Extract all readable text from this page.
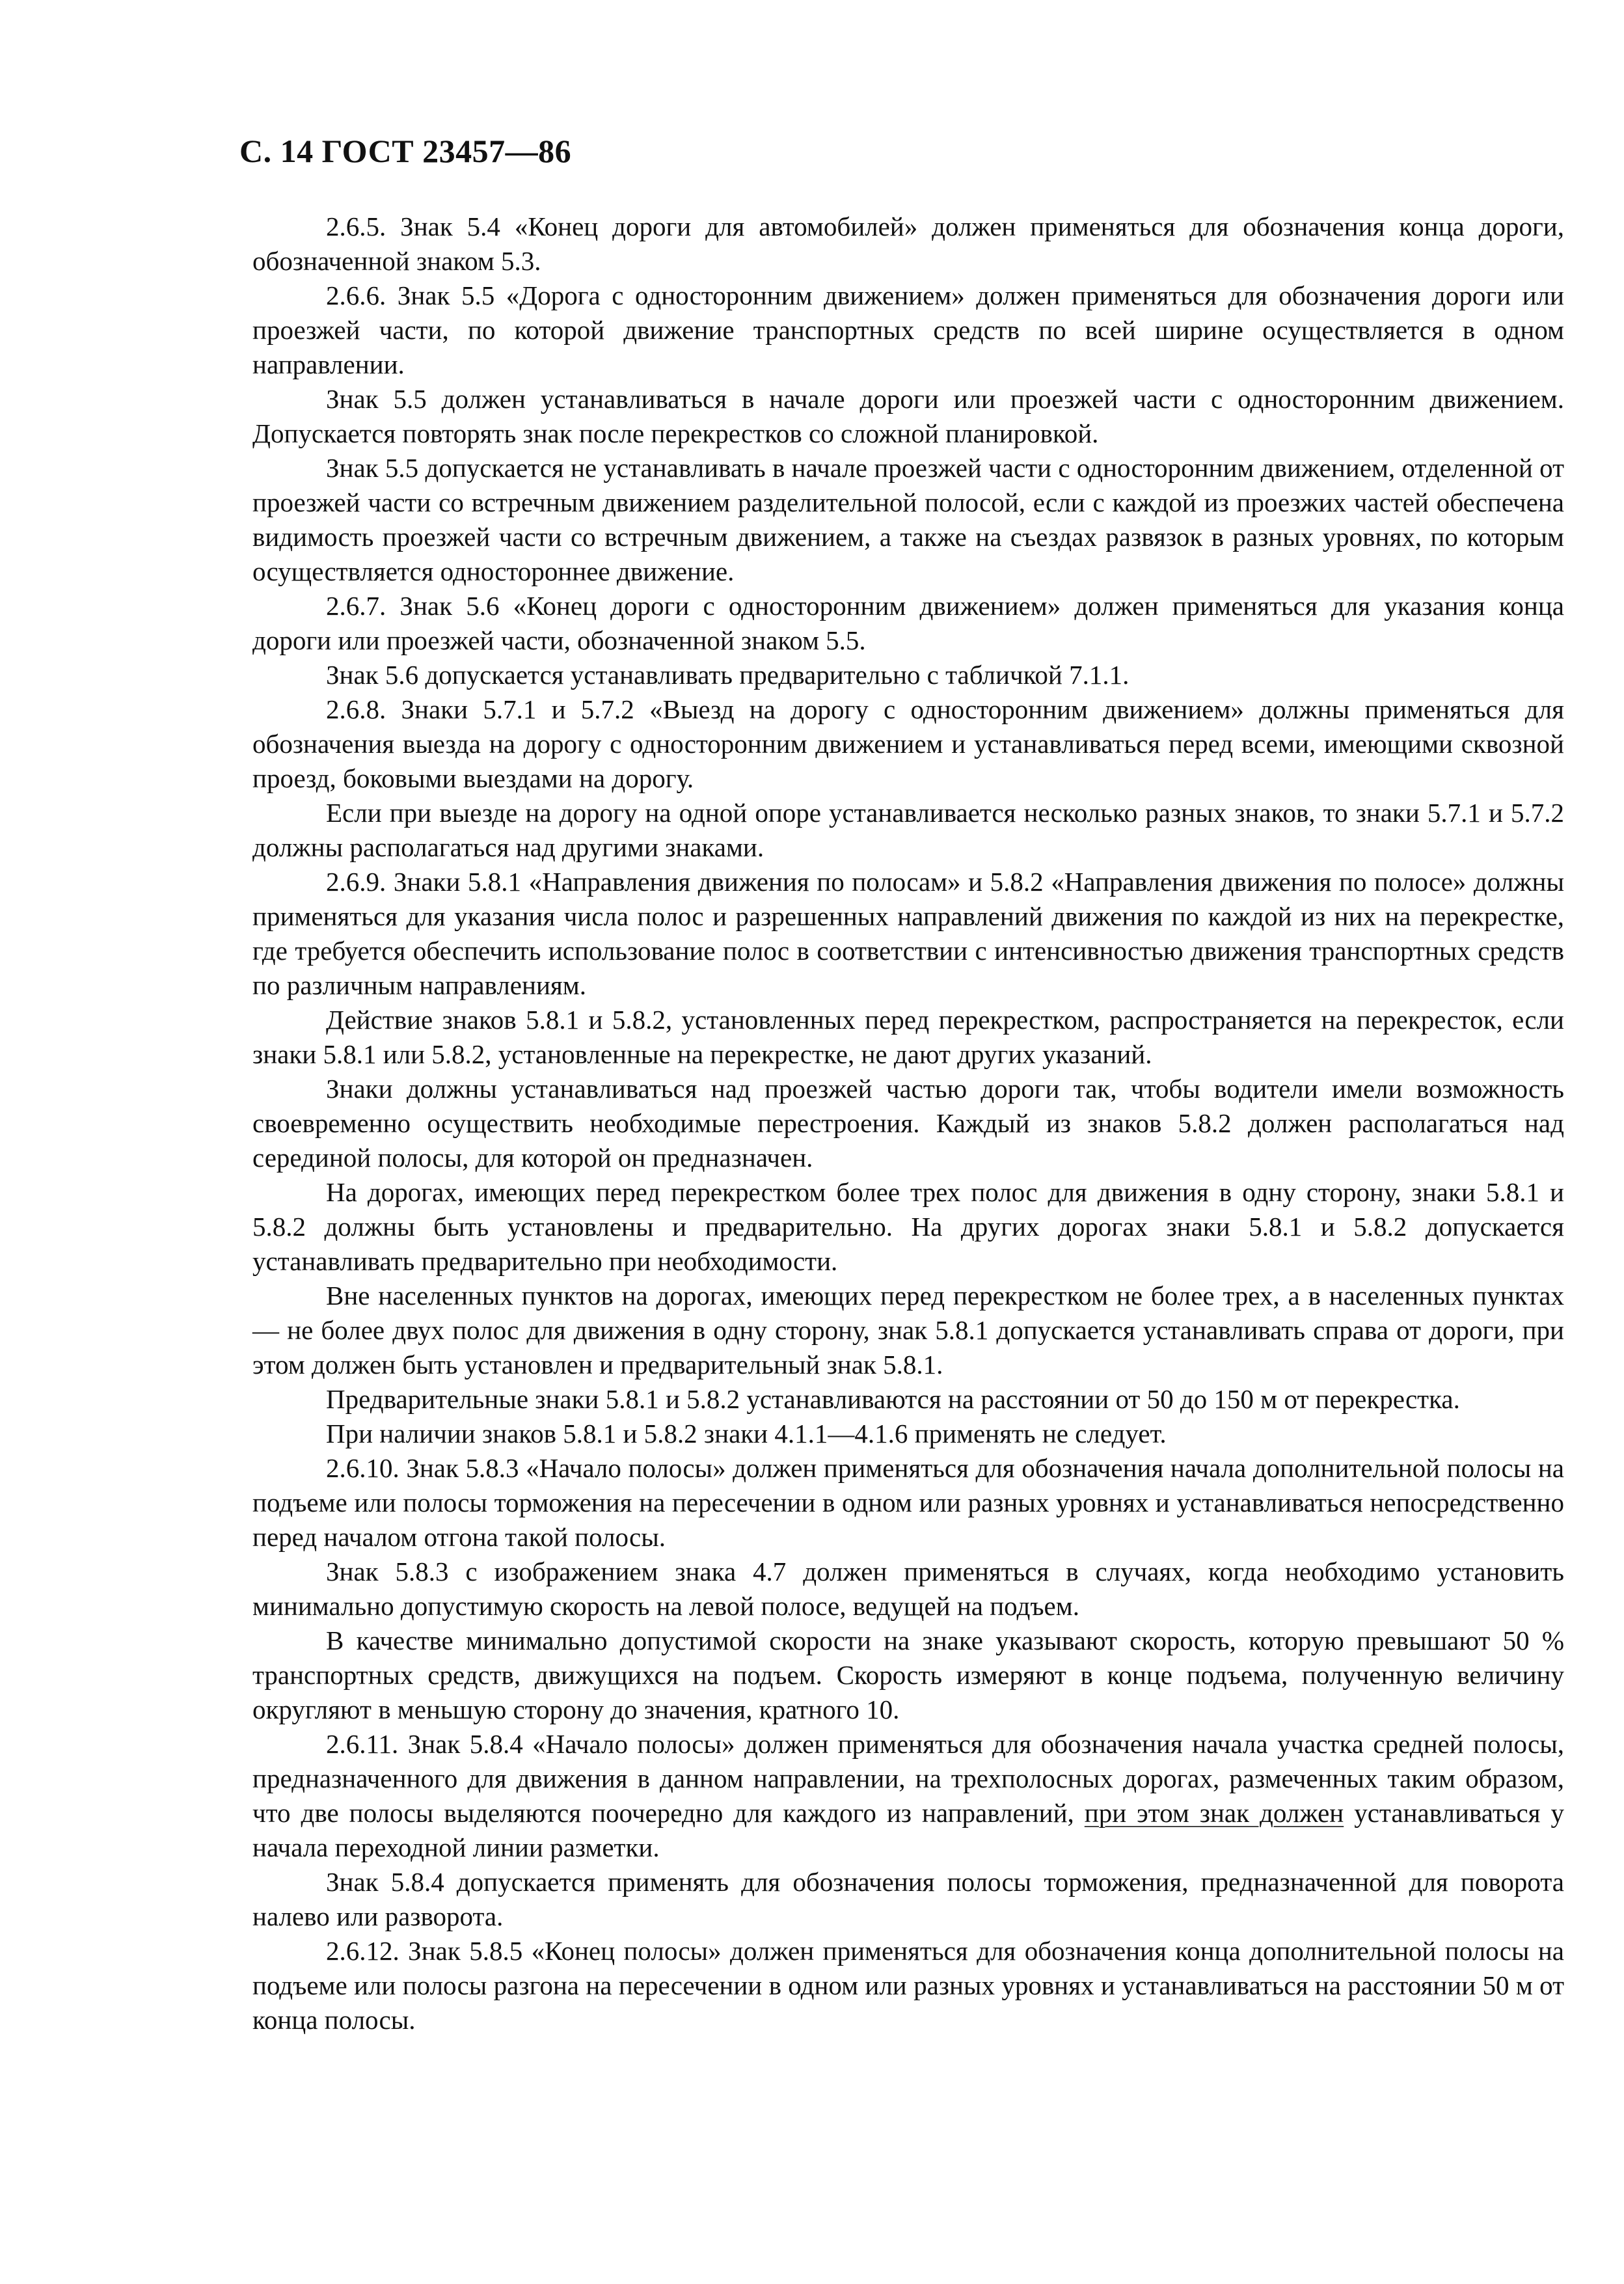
С. 14 ГОСТ 23457—86

2.6.5. Знак 5.4 «Конец дороги для автомобилей» должен применяться для обозначения конца дороги, обозначенной знаком 5.3.

2.6.6. Знак 5.5 «Дорога с односторонним движением» должен применяться для обозначения дороги или проезжей части, по которой движение транспортных средств по всей ширине осуществляется в одном направлении.

Знак 5.5 должен устанавливаться в начале дороги или проезжей части с односторонним движением. Допускается повторять знак после перекрестков со сложной планировкой.

Знак 5.5 допускается не устанавливать в начале проезжей части с односторонним движением, отделенной от проезжей части со встречным движением разделительной полосой, если с каждой из проезжих частей обеспечена видимость проезжей части со встречным движением, а также на съездах развязок в разных уровнях, по которым осуществляется одностороннее движение.

2.6.7. Знак 5.6 «Конец дороги с односторонним движением» должен применяться для указания конца дороги или проезжей части, обозначенной знаком 5.5.

Знак 5.6 допускается устанавливать предварительно с табличкой 7.1.1.

2.6.8. Знаки 5.7.1 и 5.7.2 «Выезд на дорогу с односторонним движением» должны применяться для обозначения выезда на дорогу с односторонним движением и устанавливаться перед всеми, имеющими сквозной проезд, боковыми выездами на дорогу.

Если при выезде на дорогу на одной опоре устанавливается несколько разных знаков, то знаки 5.7.1 и 5.7.2 должны располагаться над другими знаками.

2.6.9. Знаки 5.8.1 «Направления движения по полосам» и 5.8.2 «Направления движения по полосе» должны применяться для указания числа полос и разрешенных направлений движения по каждой из них на перекрестке, где требуется обеспечить использование полос в соответствии с интенсивностью движения транспортных средств по различным направлениям.

Действие знаков 5.8.1 и 5.8.2, установленных перед перекрестком, распространяется на перекресток, если знаки 5.8.1 или 5.8.2, установленные на перекрестке, не дают других указаний.

Знаки должны устанавливаться над проезжей частью дороги так, чтобы водители имели возможность своевременно осуществить необходимые перестроения. Каждый из знаков 5.8.2 должен располагаться над серединой полосы, для которой он предназначен.

На дорогах, имеющих перед перекрестком более трех полос для движения в одну сторону, знаки 5.8.1 и 5.8.2 должны быть установлены и предварительно. На других дорогах знаки 5.8.1 и 5.8.2 допускается устанавливать предварительно при необходимости.

Вне населенных пунктов на дорогах, имеющих перед перекрестком не более трех, а в населенных пунктах — не более двух полос для движения в одну сторону, знак 5.8.1 допускается устанавливать справа от дороги, при этом должен быть установлен и предварительный знак 5.8.1.

Предварительные знаки 5.8.1 и 5.8.2 устанавливаются на расстоянии от 50 до 150 м от перекрестка.

При наличии знаков 5.8.1 и 5.8.2 знаки 4.1.1—4.1.6 применять не следует.

2.6.10. Знак 5.8.3 «Начало полосы» должен применяться для обозначения начала дополнительной полосы на подъеме или полосы торможения на пересечении в одном или разных уровнях и устанавливаться непосредственно перед началом отгона такой полосы.

Знак 5.8.3 с изображением знака 4.7 должен применяться в случаях, когда необходимо установить минимально допустимую скорость на левой полосе, ведущей на подъем.

В качестве минимально допустимой скорости на знаке указывают скорость, которую превышают 50 % транспортных средств, движущихся на подъем. Скорость измеряют в конце подъема, полученную величину округляют в меньшую сторону до значения, кратного 10.

2.6.11. Знак 5.8.4 «Начало полосы» должен применяться для обозначения начала участка средней полосы, предназначенного для движения в данном направлении, на трехполосных дорогах, размеченных таким образом, что две полосы выделяются поочередно для каждого из направлений, при этом знак должен устанавливаться у начала переходной линии разметки.

Знак 5.8.4 допускается применять для обозначения полосы торможения, предназначенной для поворота налево или разворота.

2.6.12. Знак 5.8.5 «Конец полосы» должен применяться для обозначения конца дополнительной полосы на подъеме или полосы разгона на пересечении в одном или разных уровнях и устанавливаться на расстоянии 50 м от конца полосы.
